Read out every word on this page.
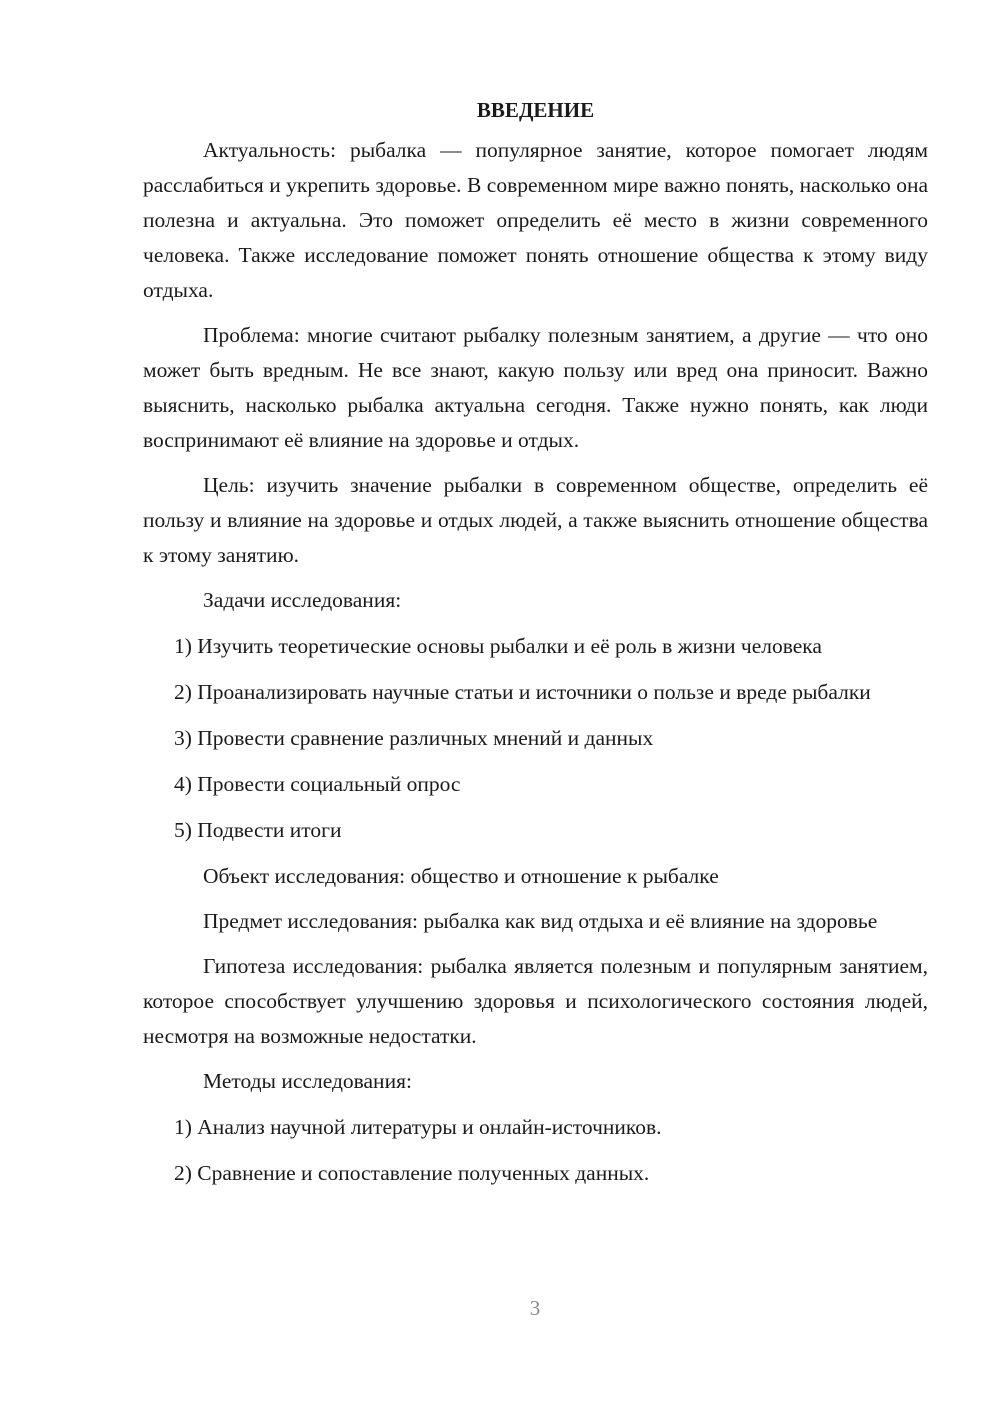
ВВЕДЕНИЕ
Актуальность: рыбалка — популярное занятие, которое помогает людям расслабиться и укрепить здоровье. В современном мире важно понять, насколько она полезна и актуальна. Это поможет определить её место в жизни современного человека. Также исследование поможет понять отношение общества к этому виду отдыха.
Проблема: многие считают рыбалку полезным занятием, а другие — что оно может быть вредным. Не все знают, какую пользу или вред она приносит. Важно выяснить, насколько рыбалка актуальна сегодня. Также нужно понять, как люди воспринимают её влияние на здоровье и отдых.
Цель: изучить значение рыбалки в современном обществе, определить её пользу и влияние на здоровье и отдых людей, а также выяснить отношение общества к этому занятию.
Задачи исследования:
1) Изучить теоретические основы рыбалки и её роль в жизни человека
2) Проанализировать научные статьи и источники о пользе и вреде рыбалки
3) Провести сравнение различных мнений и данных
4) Провести социальный опрос
5) Подвести итоги
Объект исследования: общество и отношение к рыбалке
Предмет исследования: рыбалка как вид отдыха и её влияние на здоровье
Гипотеза исследования: рыбалка является полезным и популярным занятием, которое способствует улучшению здоровья и психологического состояния людей, несмотря на возможные недостатки.
Методы исследования:
1) Анализ научной литературы и онлайн-источников.
2) Сравнение и сопоставление полученных данных.
3
